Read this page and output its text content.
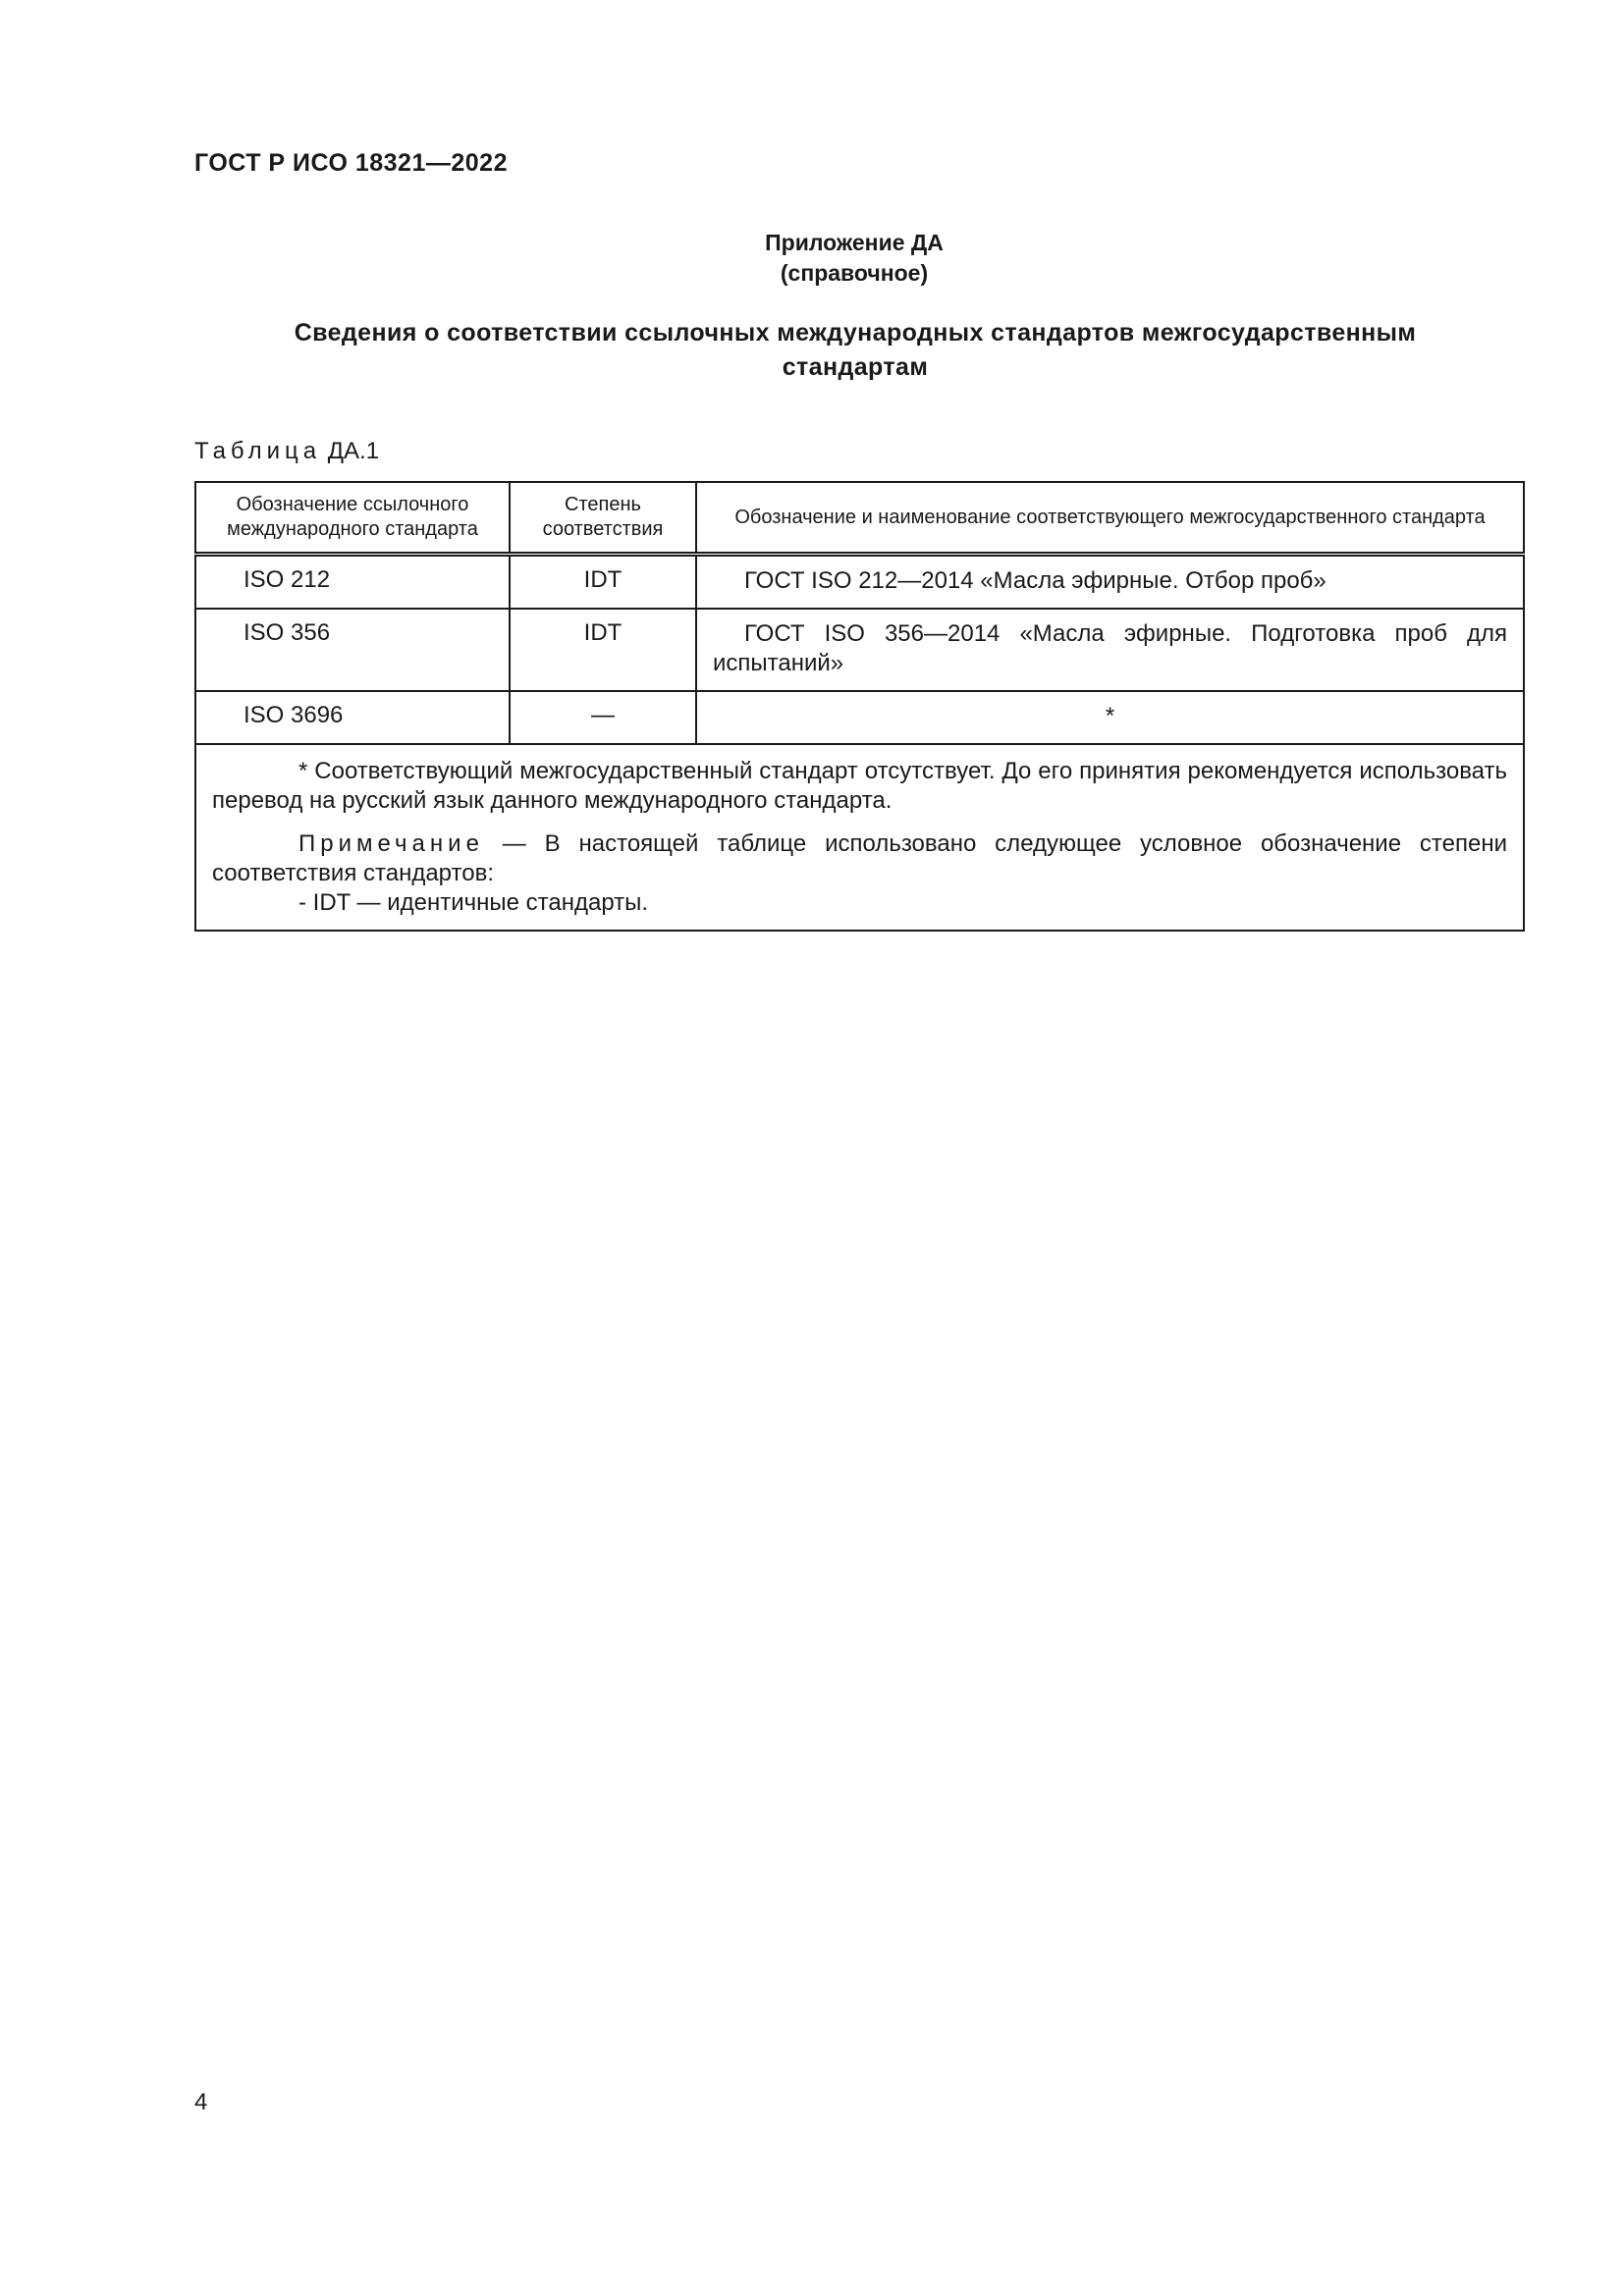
ГОСТ Р ИСО 18321—2022
Приложение ДА
(справочное)
Сведения о соответствии ссылочных международных стандартов межгосударственным стандартам
Таблица ДА.1
Обозначение ссылочного международного стандарта	Степень соответствия	Обозначение и наименование соответствующего межгосударственного стандарта
ISO 212	IDT	ГОСТ ISO 212—2014 «Масла эфирные. Отбор проб»
ISO 356	IDT	ГОСТ ISO 356—2014 «Масла эфирные. Подготовка проб для испытаний»
ISO 3696	—	*

* Соответствующий межгосударственный стандарт отсутствует. До его принятия рекомендуется использовать перевод на русский язык данного международного стандарта.

Примечание — В настоящей таблице использовано следующее условное обозначение степени соответствия стандартов:

- IDT — идентичные стандарты.		

4
